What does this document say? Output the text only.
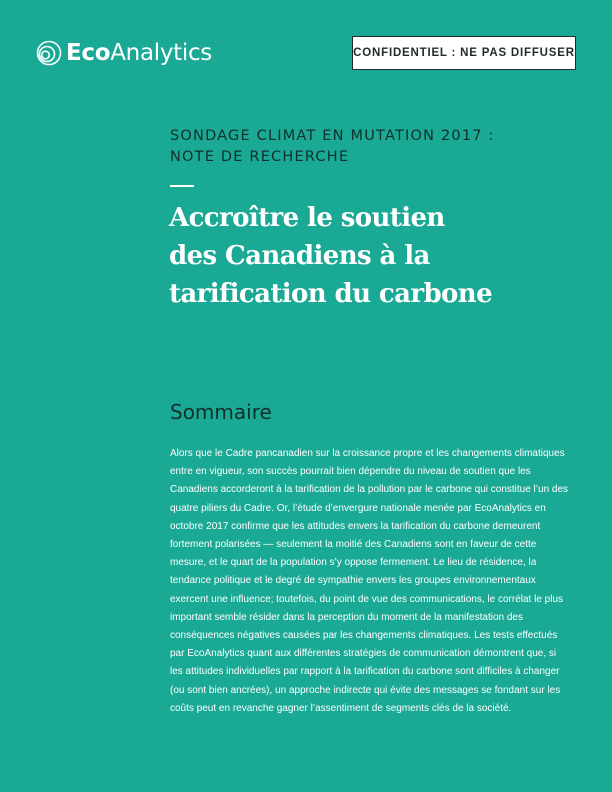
EcoAnalytics	CONFIDENTIEL : NE PAS DIFFUSER
SONDAGE CLIMAT EN MUTATION 2017 :
NOTE DE RECHERCHE
Accroître le soutien
des Canadiens à la
tarification du carbone
Sommaire

Alors que le Cadre pancanadien sur la croissance propre et les changements climatiques entre en vigueur, son succès pourrait bien dépendre du niveau de soutien que les Canadiens accorderont à la tarification de la pollution par le carbone qui constitue l’un des quatre piliers du Cadre. Or, l’étude d’envergure nationale menée par EcoAnalytics en octobre 2017 confirme que les attitudes envers la tarification du carbone demeurent fortement polarisées — seulement la moitié des Canadiens sont en faveur de cette mesure, et le quart de la population s’y oppose fermement. Le lieu de résidence, la tendance politique et le degré de sympathie envers les groupes environnementaux exercent une influence; toutefois, du point de vue des communications, le corrélat le plus important semble résider dans la perception du moment de la manifestation des conséquences négatives causées par les changements climatiques. Les tests effectués par EcoAnalytics quant aux différentes stratégies de communication démontrent que, si les attitudes individuelles par rapport à la tarification du carbone sont difficiles à changer (ou sont bien ancrées), un approche indirecte qui évite des messages se fondant sur les coûts peut en revanche gagner l’assentiment de segments clés de la société.
